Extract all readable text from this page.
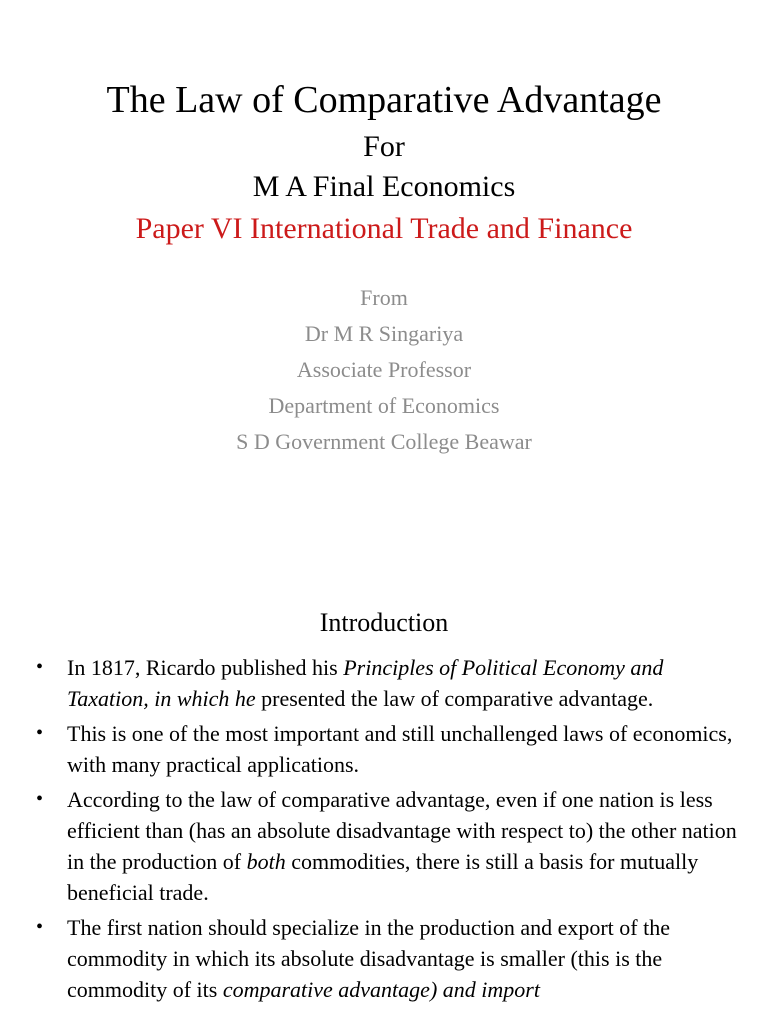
The Law of Comparative Advantage
For
M A Final Economics
Paper VI International Trade and Finance
From
Dr M R Singariya
Associate Professor
Department of Economics
S D Government College Beawar
Introduction
• In 1817, Ricardo published his Principles of Political Economy and Taxation, in which he presented the law of comparative advantage.
• This is one of the most important and still unchallenged laws of economics, with many practical applications.
• According to the law of comparative advantage, even if one nation is less efficient than (has an absolute disadvantage with respect to) the other nation in the production of both commodities, there is still a basis for mutually beneficial trade.
• The first nation should specialize in the production and export of the commodity in which its absolute disadvantage is smaller (this is the commodity of its comparative advantage) and import
